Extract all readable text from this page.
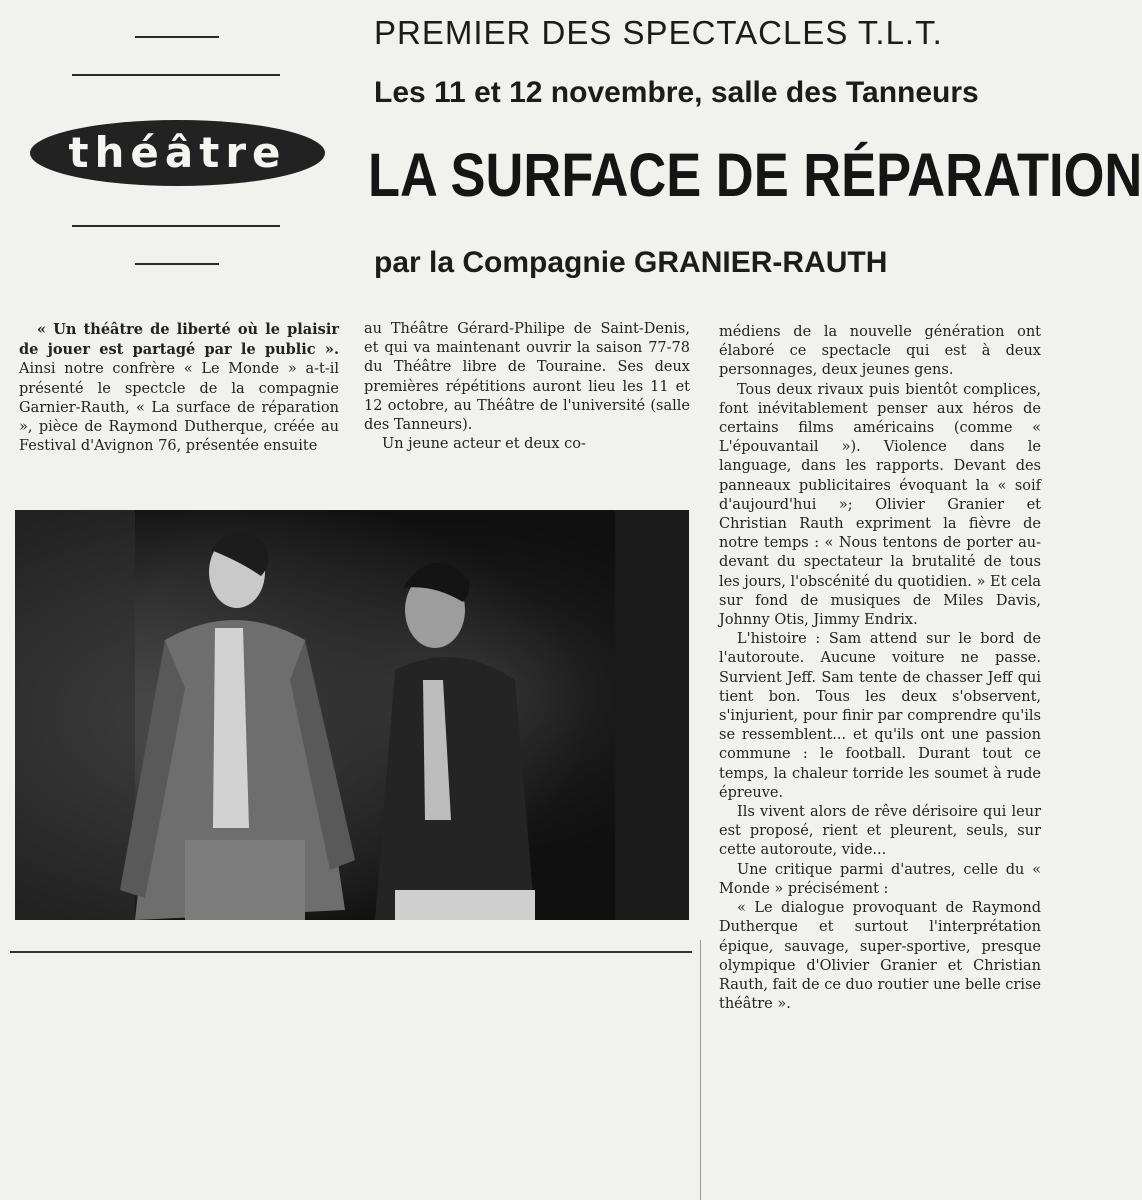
théâtre
PREMIER DES SPECTACLES T.L.T.
Les 11 et 12 novembre, salle des Tanneurs
LA SURFACE DE RÉPARATION
par la Compagnie GRANIER-RAUTH

« Un théâtre de liberté où le plaisir de jouer est partagé par le public ». Ainsi notre confrère « Le Monde » a-t-il présenté le spectcle de la compagnie Garnier-Rauth, « La surface de réparation », pièce de Raymond Dutherque, créée au Festival d'Avignon 76, présentée ensuite

au Théâtre Gérard-Philipe de Saint-Denis, et qui va maintenant ouvrir la saison 77-78 du Théâtre libre de Touraine. Ses deux premières répétitions auront lieu les 11 et 12 octobre, au Théâtre de l'université (salle des Tanneurs).

Un jeune acteur et deux co-

médiens de la nouvelle génération ont élaboré ce spectacle qui est à deux personnages, deux jeunes gens.

Tous deux rivaux puis bientôt complices, font inévitablement penser aux héros de certains films américains (comme « L'épouvantail »). Violence dans le language, dans les rapports. Devant des panneaux publicitaires évoquant la « soif d'aujourd'hui »; Olivier Granier et Christian Rauth expriment la fièvre de notre temps : « Nous tentons de porter au-devant du spectateur la brutalité de tous les jours, l'obscénité du quotidien. » Et cela sur fond de musiques de Miles Davis, Johnny Otis, Jimmy Endrix.

L'histoire : Sam attend sur le bord de l'autoroute. Aucune voiture ne passe. Survient Jeff. Sam tente de chasser Jeff qui tient bon. Tous les deux s'observent, s'injurient, pour finir par comprendre qu'ils se ressemblent... et qu'ils ont une passion commune : le football. Durant tout ce temps, la chaleur torride les soumet à rude épreuve.

Ils vivent alors de rêve dérisoire qui leur est proposé, rient et pleurent, seuls, sur cette autoroute, vide...

Une critique parmi d'autres, celle du « Monde » précisément :

« Le dialogue provoquant de Raymond Dutherque et surtout l'interprétation épique, sauvage, super-sportive, presque olympique d'Olivier Granier et Christian Rauth, fait de ce duo routier une belle crise théâtre ».
